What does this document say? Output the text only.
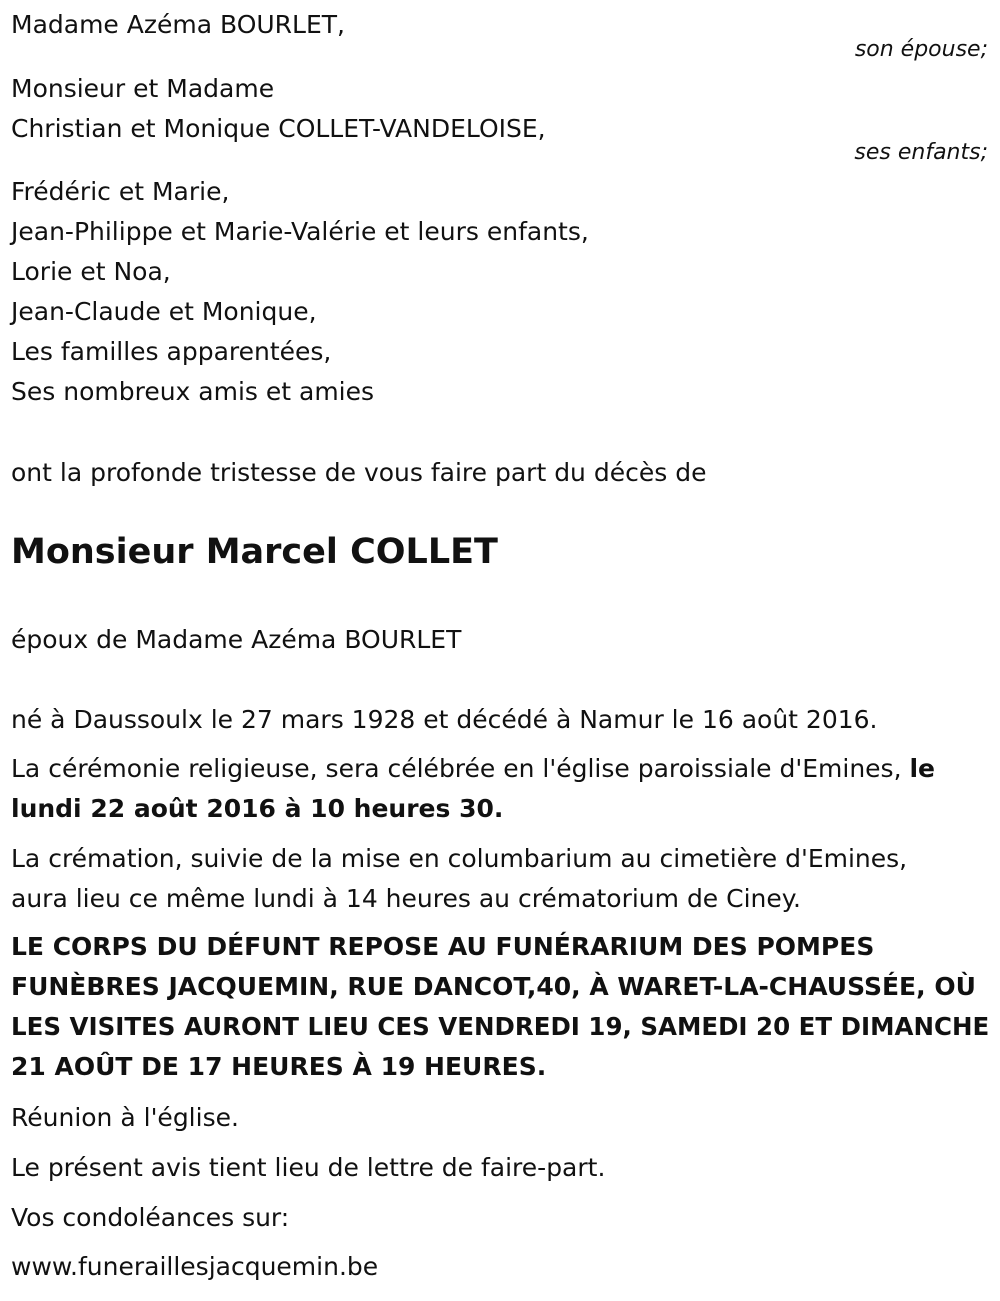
Madame Azéma BOURLET,

son épouse;

Monsieur et Madame

Christian et Monique COLLET-VANDELOISE,

ses enfants;

Frédéric et Marie,

Jean-Philippe et Marie-Valérie et leurs enfants,

Lorie et Noa,

Jean-Claude et Monique,

Les familles apparentées,

Ses nombreux amis et amies

ont la profonde tristesse de vous faire part du décès de

Monsieur Marcel COLLET

époux de Madame Azéma BOURLET

né à Daussoulx le 27 mars 1928 et décédé à Namur le 16 août 2016.

La cérémonie religieuse, sera célébrée en l'église paroissiale d'Emines, le

lundi 22 août 2016 à 10 heures 30.

La crémation, suivie de la mise en columbarium au cimetière d'Emines,

aura lieu ce même lundi à 14 heures au crématorium de Ciney.

LE CORPS DU DÉFUNT REPOSE AU FUNÉRARIUM DES POMPES

FUNÈBRES JACQUEMIN, RUE DANCOT,40, À WARET-LA-CHAUSSÉE, OÙ

LES VISITES AURONT LIEU CES VENDREDI 19, SAMEDI 20 ET DIMANCHE

21 AOÛT DE 17 HEURES À 19 HEURES.

Réunion à l'église.

Le présent avis tient lieu de lettre de faire-part.

Vos condoléances sur:

www.funeraillesjacquemin.be
